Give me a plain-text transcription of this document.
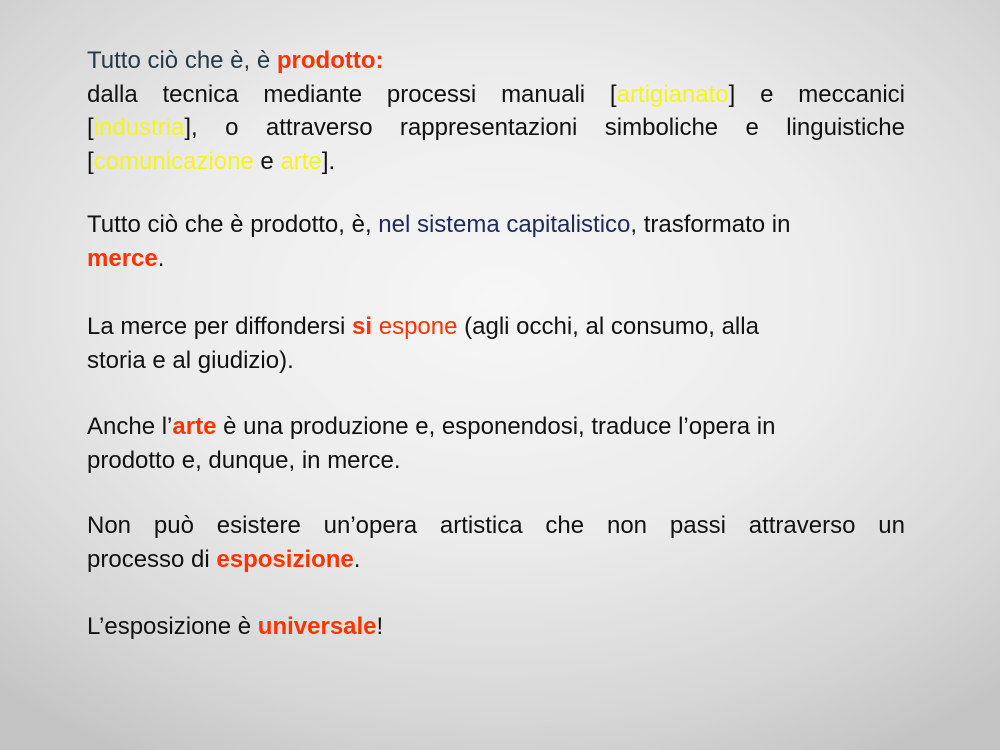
Tutto ciò che è, è prodotto:
dalla tecnica mediante processi manuali [artigianato] e meccanici
[industria], o attraverso rappresentazioni simboliche e linguistiche
[comunicazione e arte].
Tutto ciò che è prodotto, è, nel sistema capitalistico, trasformato in
merce.
La merce per diffondersi si espone (agli occhi, al consumo, alla
storia e al giudizio).
Anche l’arte è una produzione e, esponendosi, traduce l’opera in
prodotto e, dunque, in merce.
Non può esistere un’opera artistica che non passi attraverso un
processo di esposizione.
L’esposizione è universale!
